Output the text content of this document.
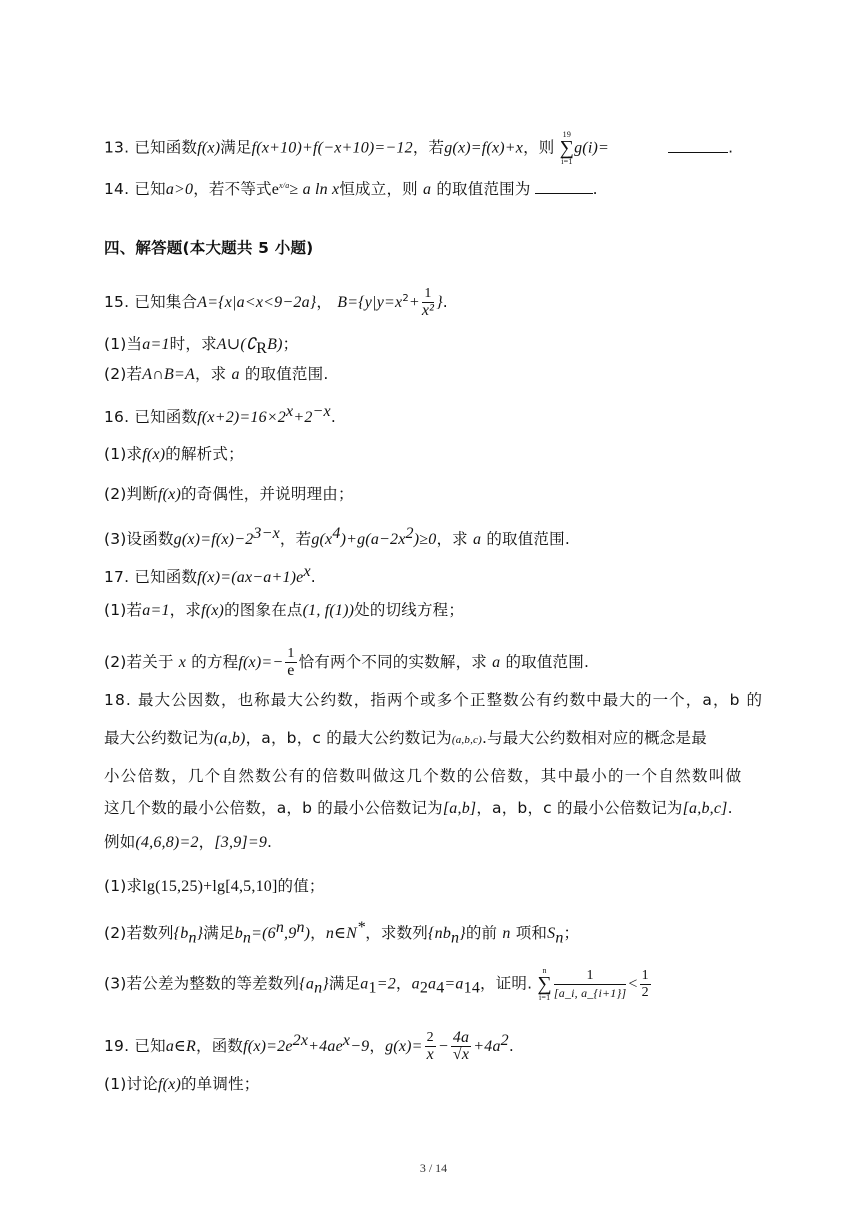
13. 已知函数f(x)满足f(x+10)+f(−x+10)=−12，若g(x)=f(x)+x，则
19
∑
i=1
g(i)=	.
14. 已知a>0，若不等式$e^{x/a}\ge a$ ln x恒成立，则 a 的取值范围为	.
四、解答题(本大题共 5 小题)
15. 已知集合A={x|a<x<9−2a}， $B=\{y|y=x^2+ \frac{1}{\text{x²}}$ }.
(1)当a=1时，求$A\cup(∁_RB)$；
(2)若A∩B=A，求 a 的取值范围.
16. 已知函数$f(x+2)=16\times 2^x+2^{-x}$.
(1)求f(x)的解析式；
(2)判断f(x)的奇偶性，并说明理由；
(3)设函数$g(x)=f(x)-2^{3-x}$，若$g(x^4)+g(a-2x^2)\ge 0$，求 a 的取值范围.
17. 已知函数$f(x)=(ax-a+1)e^x$.
(1)若a=1，求f(x)的图象在点(1, f(1))处的切线方程；
(2)若关于 x 的方程$f(x)=- \frac{1}{e}$ 恰有两个不同的实数解，求 a 的取值范围.
18. 最大公因数，也称最大公约数，指两个或多个正整数公有约数中最大的一个，a，b 的
最大公约数记为(a,b)，a，b，c 的最大公约数记为(a,b,c).与最大公约数相对应的概念是最
小公倍数，几个自然数公有的倍数叫做这几个数的公倍数，其中最小的一个自然数叫做
这几个数的最小公倍数，a，b 的最小公倍数记为[a,b]，a，b，c 的最小公倍数记为[a,b,c].
例如(4,6,8)=2，[3,9]=9.
(1)求lg(15,25)+lg[4,5,10]的值；
(2)若数列$\{b_n\}$满足$b_n=(6^n,9^n)$，n∈N*，求数列$\{nb_n\}$的前 n 项和$S_n$；
(3)若公差为整数的等差数列$\{a_n\}$满足$a_1=2$，$a_2a_4=a_{14}$，证明.
n
∑
$i=1 \frac{1}{[a\_i, a\_\{i+1\}]} < \frac{1}{2}$
19. 已知a∈R，函数$f(x)=2e^{2x}+4ae^x-9$，$g(x)= \frac{2}{x} - \frac{4a}{√x} +4a^2$.
(1)讨论f(x)的单调性；
3 / 14
